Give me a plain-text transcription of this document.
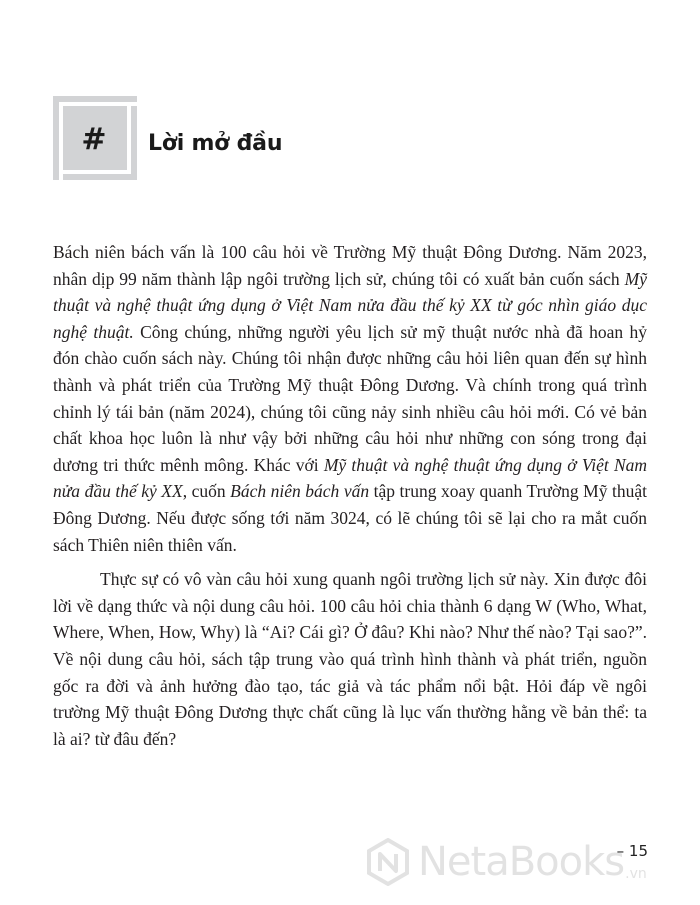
#	Lời mở đầu

Bách niên bách vấn là 100 câu hỏi về Trường Mỹ thuật Đông Dương. Năm 2023, nhân dịp 99 năm thành lập ngôi trường lịch sử, chúng tôi có xuất bản cuốn sách Mỹ thuật và nghệ thuật ứng dụng ở Việt Nam nửa đầu thế kỷ XX từ góc nhìn giáo dục nghệ thuật. Công chúng, những người yêu lịch sử mỹ thuật nước nhà đã hoan hỷ đón chào cuốn sách này. Chúng tôi nhận được những câu hỏi liên quan đến sự hình thành và phát triển của Trường Mỹ thuật Đông Dương. Và chính trong quá trình chỉnh lý tái bản (năm 2024), chúng tôi cũng nảy sinh nhiều câu hỏi mới. Có vẻ bản chất khoa học luôn là như vậy bởi những câu hỏi như những con sóng trong đại dương tri thức mênh mông. Khác với Mỹ thuật và nghệ thuật ứng dụng ở Việt Nam nửa đầu thế kỷ XX, cuốn Bách niên bách vấn tập trung xoay quanh Trường Mỹ thuật Đông Dương. Nếu được sống tới năm 3024, có lẽ chúng tôi sẽ lại cho ra mắt cuốn sách Thiên niên thiên vấn.

Thực sự có vô vàn câu hỏi xung quanh ngôi trường lịch sử này. Xin được đôi lời về dạng thức và nội dung câu hỏi. 100 câu hỏi chia thành 6 dạng W (Who, What, Where, When, How, Why) là “Ai? Cái gì? Ở đâu? Khi nào? Như thế nào? Tại sao?”. Về nội dung câu hỏi, sách tập trung vào quá trình hình thành và phát triển, nguồn gốc ra đời và ảnh hưởng đào tạo, tác giả và tác phẩm nổi bật. Hỏi đáp về ngôi trường Mỹ thuật Đông Dương thực chất cũng là lục vấn thường hằng về bản thể: ta là ai? từ đâu đến?

NetaBooks .vn
– 15
